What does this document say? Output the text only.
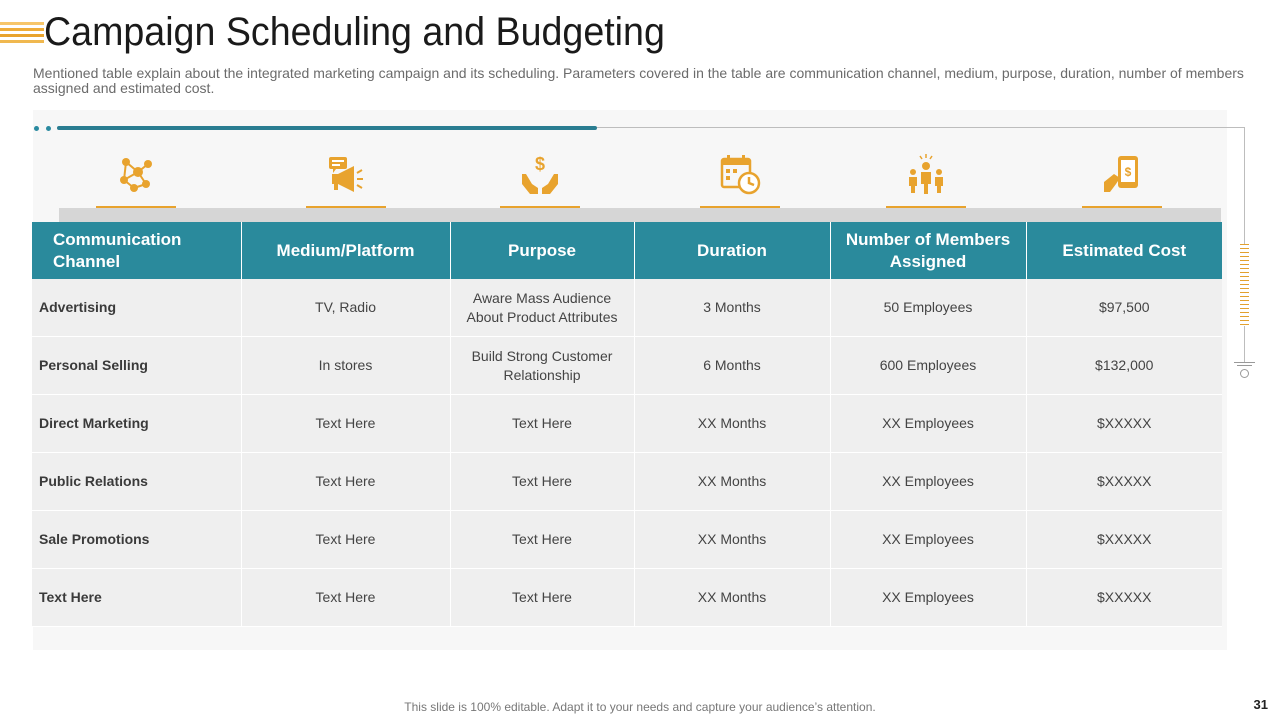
Campaign Scheduling and Budgeting

Mentioned table explain about the integrated marketing campaign and its scheduling. Parameters covered in the table are communication channel, medium, purpose, duration, number of members assigned and estimated cost.

$	$
Communication Channel	Medium/Platform	Purpose	Duration	Number of Members Assigned	Estimated Cost
Advertising	TV, Radio	Aware Mass Audience About Product Attributes	3 Months	50 Employees	$97,500
Personal Selling	In stores	Build Strong Customer Relationship	6 Months	600 Employees	$132,000
Direct Marketing	Text Here	Text Here	XX Months	XX Employees	$XXXXX
Public Relations	Text Here	Text Here	XX Months	XX Employees	$XXXXX
Sale Promotions	Text Here	Text Here	XX Months	XX Employees	$XXXXX
Text Here	Text Here	Text Here	XX Months	XX Employees	$XXXXX
This slide is 100% editable. Adapt it to your needs and capture your audience’s attention.	31
